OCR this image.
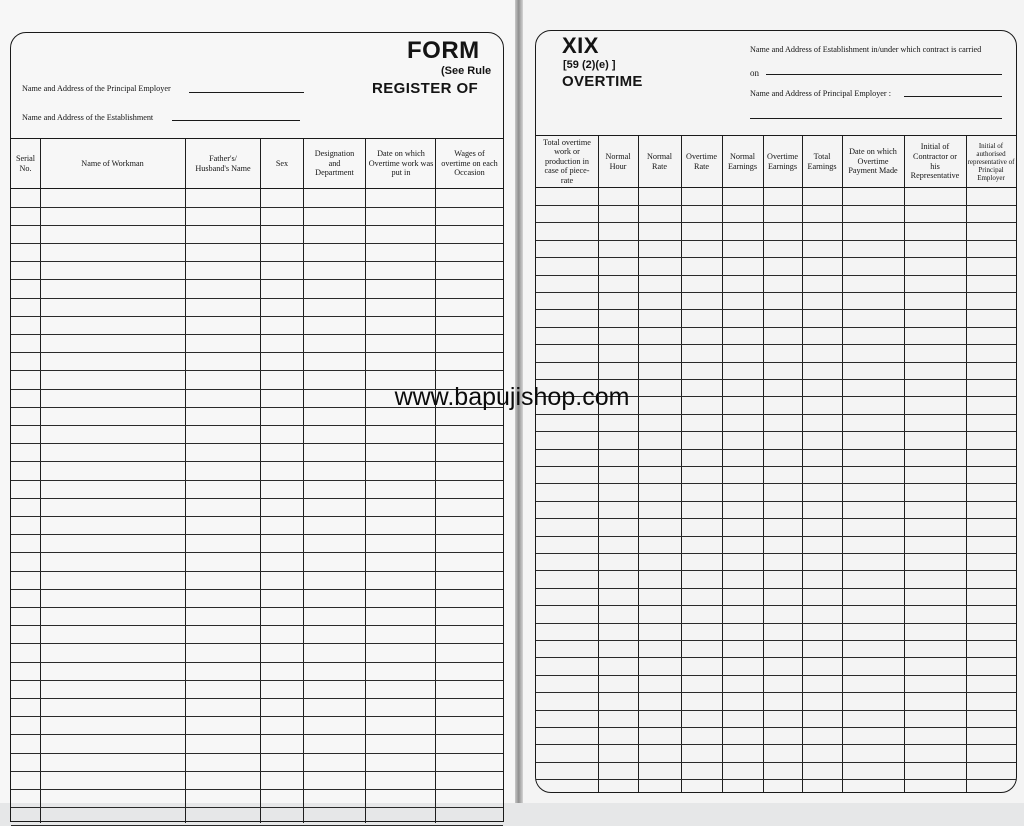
FORM
(See Rule
REGISTER OF
Name and Address of the Principal Employer
Name and Address of the Establishment
Serial No.
Name of Workman
Father's/ Husband's Name
Sex
Designation and Department
Date on which Overtime work was put in
Wages of overtime on each Occasion
XIX
[59 (2)(e) ]
OVERTIME
Name and Address of Establishment in/under which contract is carried
on
Name and Address of Principal Employer :
Total overtime work or production in case of piece-rate
Normal Hour
Normal Rate
Overtime Rate
Normal Earnings
Overtime Earnings
Total Earnings
Date on which Overtime Payment Made
Initial of Contractor or his Representative
Initial of authorised representative of Principal Employer
www.bapujishop.com
